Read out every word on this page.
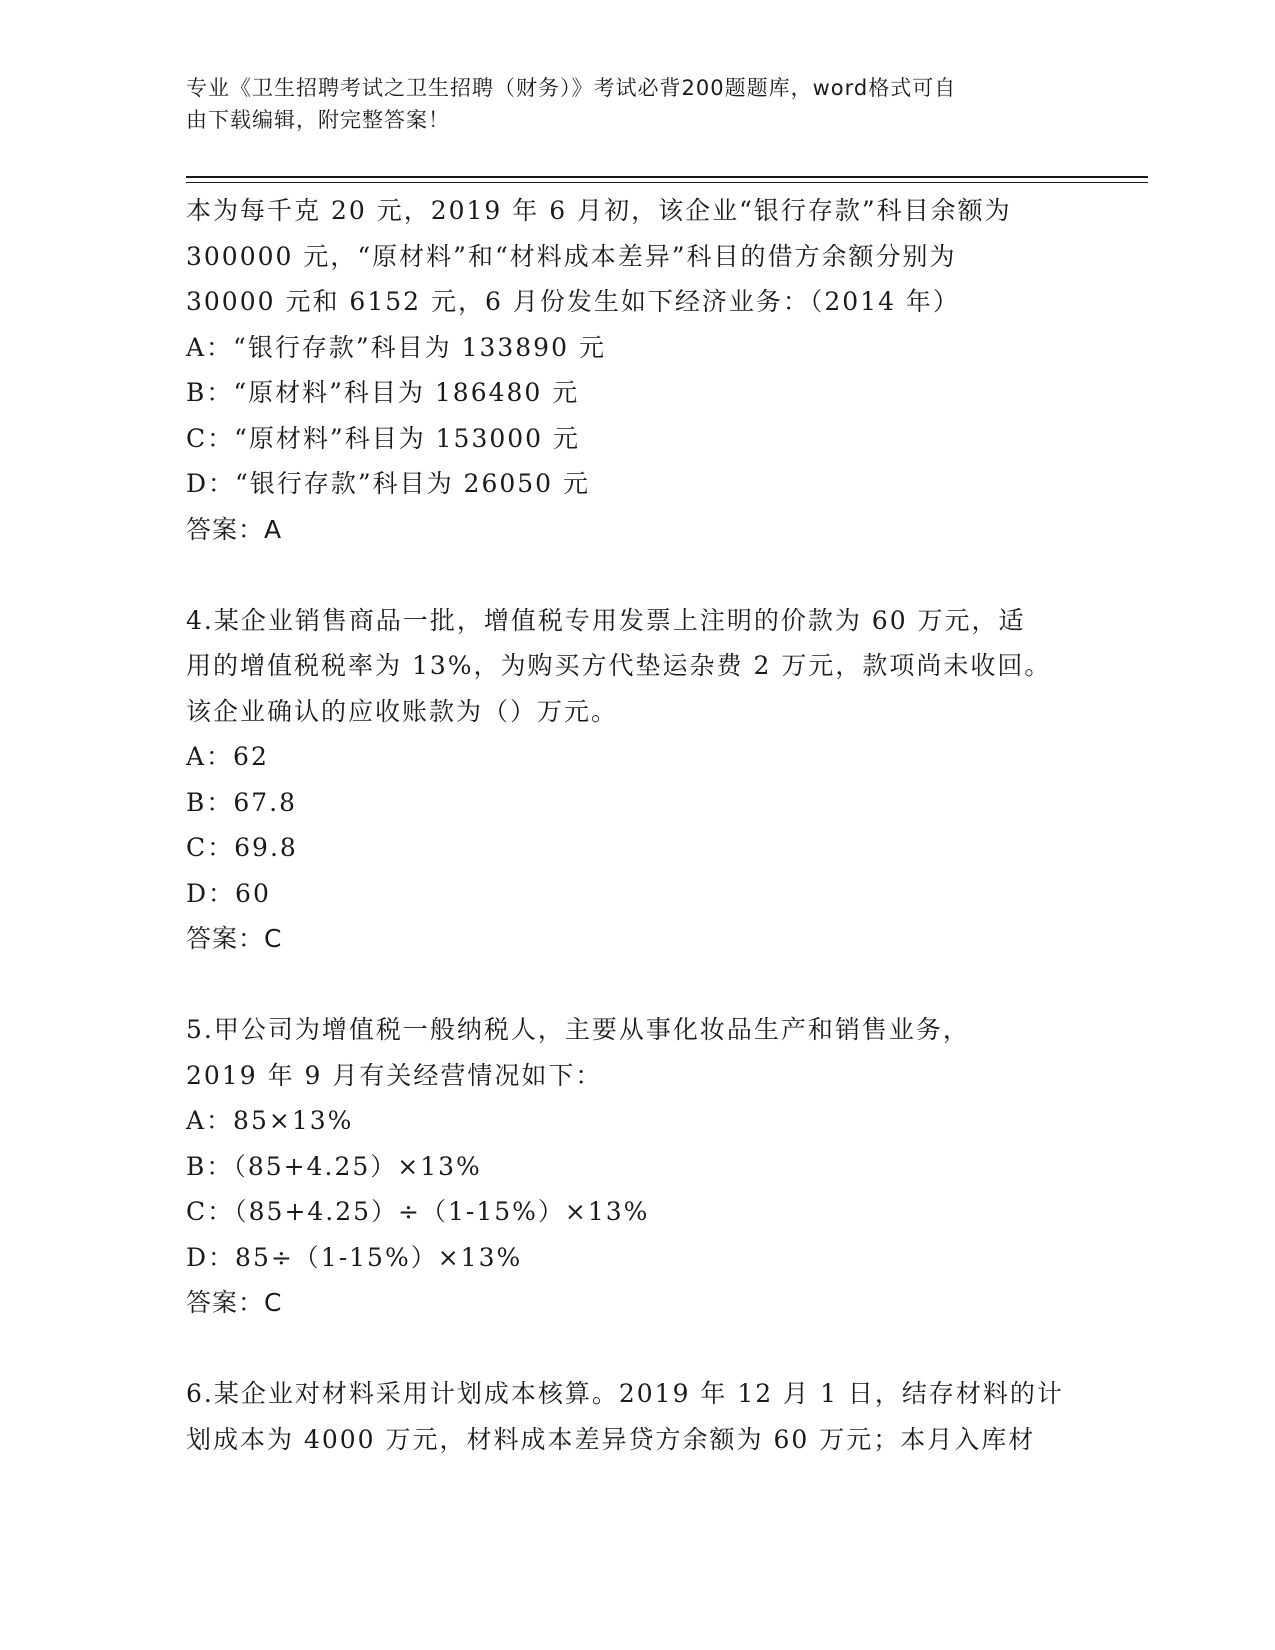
专业《卫生招聘考试之卫生招聘（财务）》考试必背200题题库，word格式可自
由下载编辑，附完整答案！
本为每千克 20 元，2019 年 6 月初，该企业“银行存款”科目余额为
300000 元，“原材料”和“材料成本差异”科目的借方余额分别为
30000 元和 6152 元，6 月份发生如下经济业务：（2014 年）
A：“银行存款”科目为 133890 元
B：“原材料”科目为 186480 元
C：“原材料”科目为 153000 元
D：“银行存款”科目为 26050 元
答案：A
4.某企业销售商品一批，增值税专用发票上注明的价款为 60 万元，适
用的增值税税率为 13%，为购买方代垫运杂费 2 万元，款项尚未收回。
该企业确认的应收账款为（）万元。
A：62
B：67.8
C：69.8
D：60
答案：C
5.甲公司为增值税一般纳税人，主要从事化妆品生产和销售业务，
2019 年 9 月有关经营情况如下：
A：85×13%
B：（85+4.25）×13%
C：（85+4.25）÷（1-15%）×13%
D：85÷（1-15%）×13%
答案：C
6.某企业对材料采用计划成本核算。2019 年 12 月 1 日，结存材料的计
划成本为 4000 万元，材料成本差异贷方余额为 60 万元；本月入库材
